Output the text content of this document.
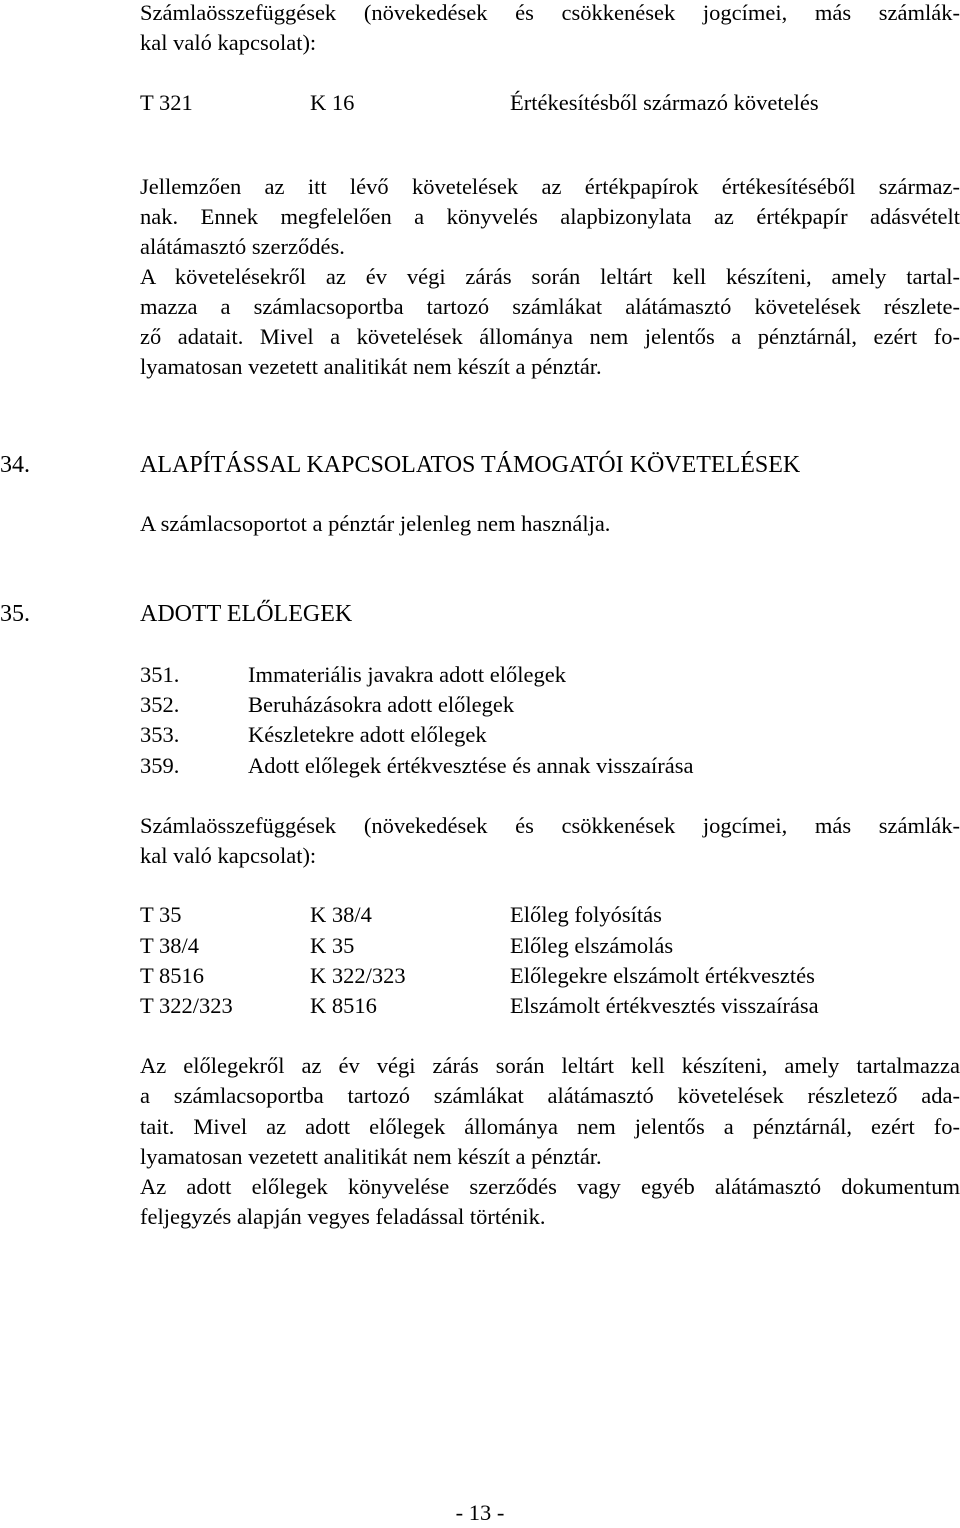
Számlaösszefüggések (növekedések és csökkenések jogcímei, más számlák-
kal való kapcsolat):
T 321	K 16	Értékesítésből származó követelés
Jellemzően az itt lévő követelések az értékpapírok értékesítéséből származ-
nak. Ennek megfelelően a könyvelés alapbizonylata az értékpapír adásvételt
alátámasztó szerződés.
A követelésekről az év végi zárás során leltárt kell készíteni, amely tartal-
mazza a számlacsoportba tartozó számlákat alátámasztó követelések részlete-
ző adatait. Mivel a követelések állománya nem jelentős a pénztárnál, ezért fo-
lyamatosan vezetett analitikát nem készít a pénztár.
34.	ALAPÍTÁSSAL KAPCSOLATOS TÁMOGATÓI KÖVETELÉSEK
A számlacsoportot a pénztár jelenleg nem használja.
35.	ADOTT ELŐLEGEK
351.	Immateriális javakra adott előlegek
352.	Beruházásokra adott előlegek
353.	Készletekre adott előlegek
359.	Adott előlegek értékvesztése és annak visszaírása
Számlaösszefüggések (növekedések és csökkenések jogcímei, más számlák-
kal való kapcsolat):
T 35	K 38/4	Előleg folyósítás
T 38/4	K 35	Előleg elszámolás
T 8516	K 322/323	Előlegekre elszámolt értékvesztés
T 322/323	K 8516	Elszámolt értékvesztés visszaírása
Az előlegekről az év végi zárás során leltárt kell készíteni, amely tartalmazza
a számlacsoportba tartozó számlákat alátámasztó követelések részletező ada-
tait. Mivel az adott előlegek állománya nem jelentős a pénztárnál, ezért fo-
lyamatosan vezetett analitikát nem készít a pénztár.
Az adott előlegek könyvelése szerződés vagy egyéb alátámasztó dokumentum
feljegyzés alapján vegyes feladással történik.
- 13 -
